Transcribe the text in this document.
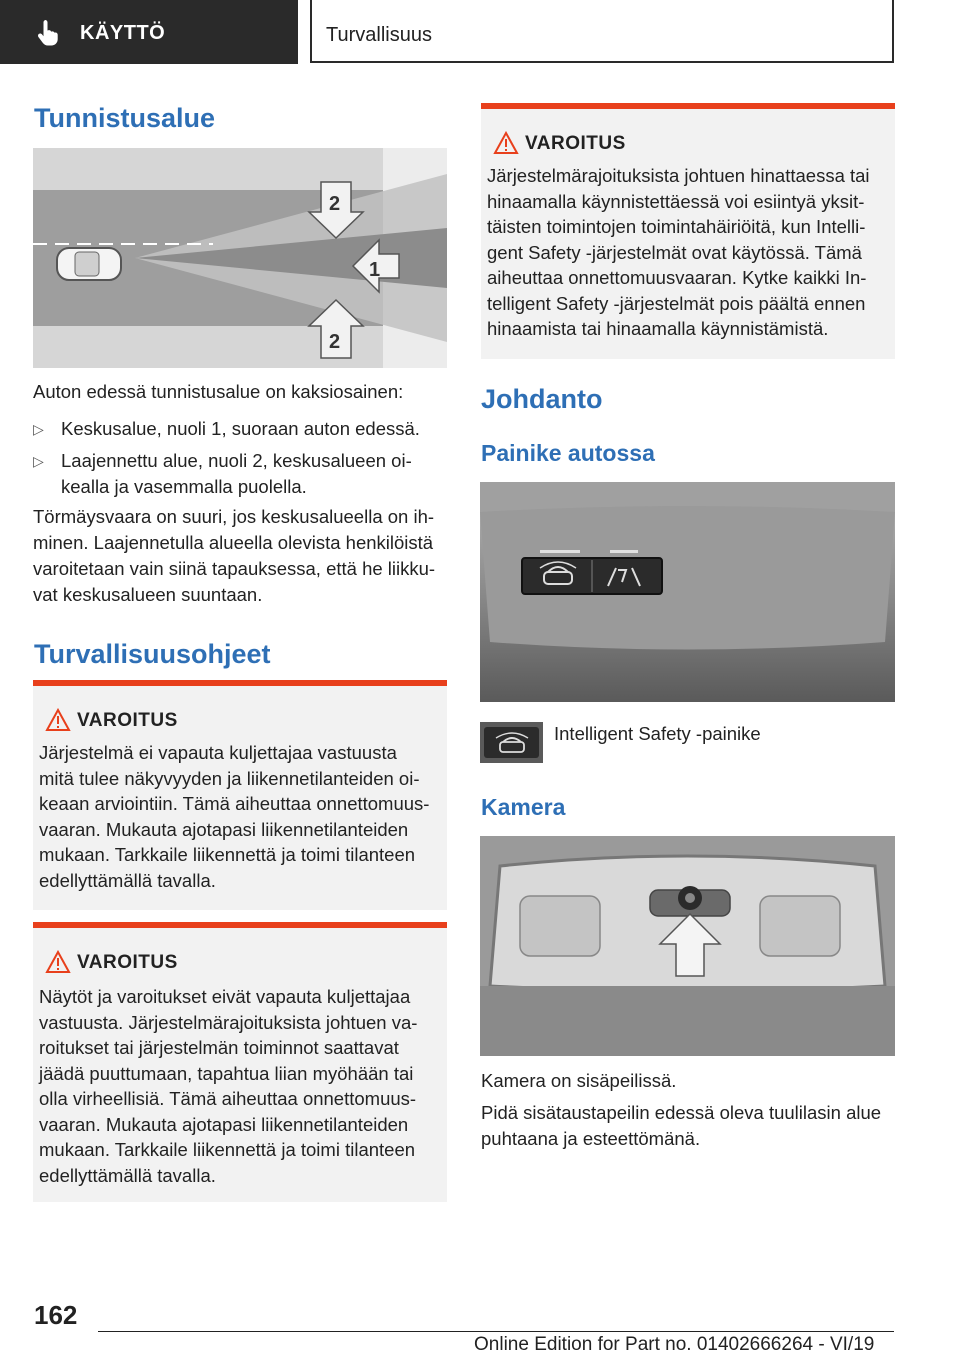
KÄYTTÖ	Turvallisuus
Tunnistusalue
2
1
2
Auton edessä tunnistusalue on kaksiosainen:
▷ Keskusalue, nuoli 1, suoraan auton edessä.
▷ Laajennettu alue, nuoli 2, keskusalueen oi-
kealla ja vasemmalla puolella.
Törmäysvaara on suuri, jos keskusalueella on ih-
minen. Laajennetulla alueella olevista henkilöistä
varoitetaan vain siinä tapauksessa, että he liikku-
vat keskusalueen suuntaan.
Turvallisuusohjeet
VAROITUS
Järjestelmä ei vapauta kuljettajaa vastuusta
mitä tulee näkyvyyden ja liikennetilanteiden oi-
keaan arviointiin. Tämä aiheuttaa onnettomuus-
vaaran. Mukauta ajotapasi liikennetilanteiden
mukaan. Tarkkaile liikennettä ja toimi tilanteen
edellyttämällä tavalla.
VAROITUS
Näytöt ja varoitukset eivät vapauta kuljettajaa
vastuusta. Järjestelmärajoituksista johtuen va-
roitukset tai järjestelmän toiminnot saattavat
jäädä puuttumaan, tapahtua liian myöhään tai
olla virheellisiä. Tämä aiheuttaa onnettomuus-
vaaran. Mukauta ajotapasi liikennetilanteiden
mukaan. Tarkkaile liikennettä ja toimi tilanteen
edellyttämällä tavalla.
VAROITUS
Järjestelmärajoituksista johtuen hinattaessa tai
hinaamalla käynnistettäessä voi esiintyä yksit-
täisten toimintojen toimintahäiriöitä, kun Intelli-
gent Safety -järjestelmät ovat käytössä. Tämä
aiheuttaa onnettomuusvaaran. Kytke kaikki In-
telligent Safety -järjestelmät pois päältä ennen
hinaamista tai hinaamalla käynnistämistä.
Johdanto
Painike autossa
Intelligent Safety -painike
Kamera
Kamera on sisäpeilissä.
Pidä sisätaustapeilin edessä oleva tuulilasin alue
puhtaana ja esteettömänä.
162
Online Edition for Part no. 01402666264 - VI/19
